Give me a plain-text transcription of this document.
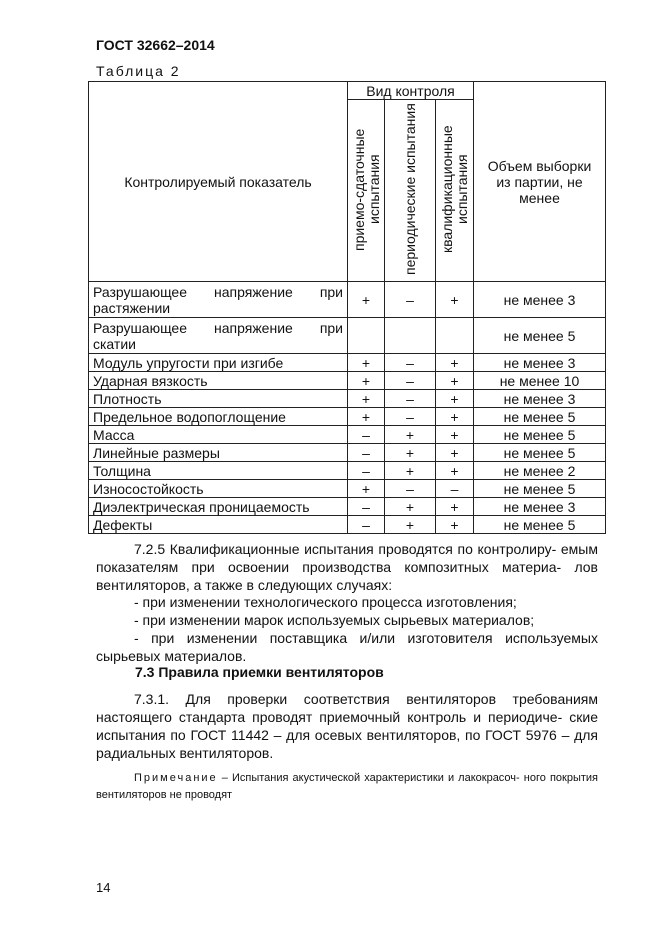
ГОСТ 32662–2014
Таблица 2
Контролируемый показатель	Вид контроля			Объем выборки из партии, не менее
	приемо-сдаточные испытания	периодические испытания	квалификационные испытания	
Разрушающее напряжение при растяжении	+	–	+	не менее 3
Разрушающее напряжение при скатии				не менее 5
Модуль упругости при изгибе	+	–	+	не менее 3
Ударная вязкость	+	–	+	не менее 10
Плотность	+	–	+	не менее 3
Предельное водопоглощение	+	–	+	не менее 5
Масса	–	+	+	не менее 5
Линейные размеры	–	+	+	не менее 5
Толщина	–	+	+	не менее 2
Износостойкость	+	–	–	не менее 5
Диэлектрическая проницаемость	–	+	+	не менее 3
Дефекты	–	+	+	не менее 5
7.2.5 Квалификационные испытания проводятся по контролиру- емым показателям при освоении производства композитных материа- лов вентиляторов, а также в следующих случаях:
- при изменении технологического процесса изготовления;
- при изменении марок используемых сырьевых материалов;
- при изменении поставщика и/или изготовителя используемых сырьевых материалов.
7.3 Правила приемки вентиляторов
7.3.1. Для проверки соответствия вентиляторов требованиям настоящего стандарта проводят приемочный контроль и периодиче- ские испытания по ГОСТ 11442 – для осевых вентиляторов, по ГОСТ 5976 – для радиальных вентиляторов.
Примечание – Испытания акустической характеристики и лакокрасоч- ного покрытия вентиляторов не проводят
14
